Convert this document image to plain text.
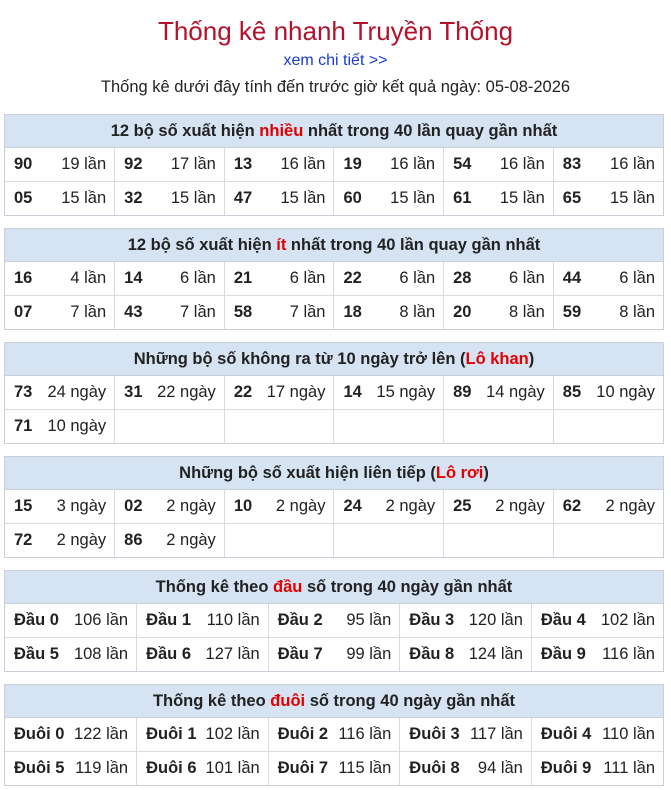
Thống kê nhanh Truyền Thống
xem chi tiết >>
Thống kê dưới đây tính đến trước giờ kết quả ngày: 05-08-2026
12 bộ số xuất hiện nhiều nhất trong 40 lần quay gần nhất
90 19 lần	92 17 lần	13 16 lần	19 16 lần	54 16 lần	83 16 lần

05 15 lần	32 15 lần	47 15 lần	60 15 lần	61 15 lần	65 15 lần
12 bộ số xuất hiện ít nhất trong 40 lần quay gần nhất
16 4 lần	14 6 lần	21 6 lần	22 6 lần	28 6 lần	44 6 lần

07 7 lần	43 7 lần	58 7 lần	18 8 lần	20 8 lần	59 8 lần
Những bộ số không ra từ 10 ngày trở lên (Lô khan)
73 24 ngày	31 22 ngày	22 17 ngày	14 15 ngày	89 14 ngày	85 10 ngày

71 10 ngày					

Những bộ số xuất hiện liên tiếp (Lô rơi)
15 3 ngày	02 2 ngày	10 2 ngày	24 2 ngày	25 2 ngày	62 2 ngày

72 2 ngày	86 2 ngày				

Thống kê theo đầu số trong 40 ngày gần nhất
Đầu 0 106 lần	Đầu 1 110 lần	Đầu 2 95 lần	Đầu 3 120 lần	Đầu 4 102 lần

Đầu 5 108 lần	Đầu 6 127 lần	Đầu 7 99 lần	Đầu 8 124 lần	Đầu 9 116 lần
Thống kê theo đuôi số trong 40 ngày gần nhất
Đuôi 0 122 lần	Đuôi 1 102 lần	Đuôi 2 116 lần	Đuôi 3 117 lần	Đuôi 4 110 lần

Đuôi 5 119 lần	Đuôi 6 101 lần	Đuôi 7 115 lần	Đuôi 8 94 lần	Đuôi 9 111 lần
